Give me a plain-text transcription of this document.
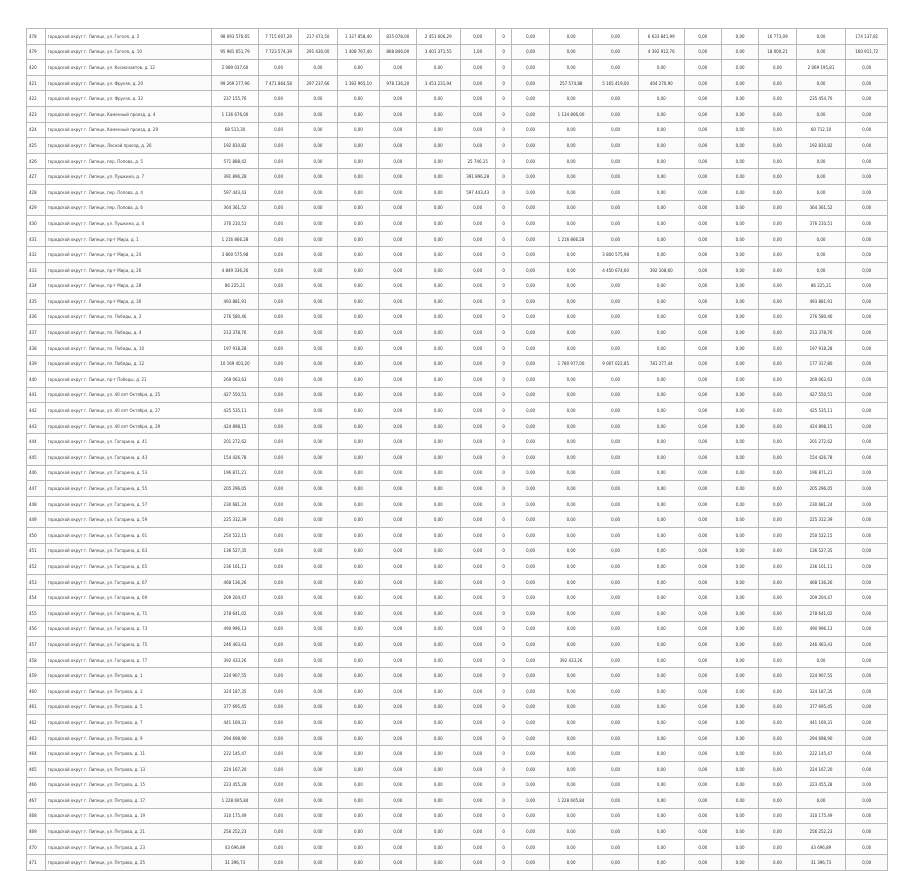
478	городской округ г. Липецк, ул. Гоголя, д. 2	98 093 576,65	7 715 607,29	217 473,50	1 327 858,40	815 078,00	2 451 606,29	0,00	0	0,00	0,00	0,00	6 633 841,99	0,00	0,00	16 773,09	0,00	174 137,81
479	городской округ г. Липецк, ул. Гоголя, д. 10	95 981 651,79	7 723 574,39	291 430,00	1 408 767,40	868 846,00	3 401 371,55	1,00	0	0,00	0,00	0,00	4 392 912,76	0,00	0,00	18 000,21	0,00	160 911,72
420	городской округ г. Липецк, ул. Космонавтов, д. 12	2 089 037,60	0,00	0,00	0,00	0,00	0,00	0,00	0	0,00	0,00	0,00	0,00	0,00	0,00	0,00	2 069 195,81	0,00
421	городской округ г. Липецк, ул. Фрунзе, д. 20	99 269 277,96	7 471 864,58	297 237,66	1 392 965,10	978 136,20	3 453 231,94	0,00	0	0,00	257 574,88	5 165 419,00	404 270,90	0,00	0,00	0,00	0,00	0,00
422	городской округ г. Липецк, ул. Фрунзе, д. 32	237 155,76	0,00	0,00	0,00	0,00	0,00	0,00	0	0,00	0,00	0,00	0,00	0,00	0,00	0,00	235 454,76	0,00
423	городской округ г. Липецк, Каменный проезд, д. 4	1 136 676,00	0,00	0,00	0,00	0,00	0,00	0,00	0	0,00	1 134 806,00	0,00	0,00	0,00	0,00	0,00	0,00	0,00
424	городской округ г. Липецк, Каменный проезд, д. 29	68 513,30	0,00	0,00	0,00	0,00	0,00	0,00	0	0,00	0,00	0,00	0,00	0,00	0,00	0,00	60 712,10	0,00
425	городской округ г. Липецк, Лесной проезд, д. 26	192 810,82	0,00	0,00	0,00	0,00	0,00	0,00	0	0,00	0,00	0,00	0,00	0,00	0,00	0,00	192 810,82	0,00
426	городской округ г. Липецк, пер. Попова, д. 5	571 888,42	0,00	0,00	0,00	0,00	0,00	25 746,15	0	0,00	0,00	0,00	0,00	0,00	0,00	0,00	0,00	0,00
427	городской округ г. Липецк, ул. Пушкина, д. 7	391 896,28	0,00	0,00	0,00	0,00	0,00	391 896,28	0	0,00	0,00	0,00	0,00	0,00	0,00	0,00	0,00	0,00
428	городской округ г. Липецк, пер. Попова, д. 4	597 443,43	0,00	0,00	0,00	0,00	0,00	597 443,43	0	0,00	0,00	0,00	0,00	0,00	0,00	0,00	0,00	0,00
429	городской округ г. Липецк, пер. Попова, д. 6	364 361,52	0,00	0,00	0,00	0,00	0,00	0,00	0	0,00	0,00	0,00	0,00	0,00	0,00	0,00	364 361,52	0,00
430	городской округ г. Липецк, ул. Пушкина, д. 4	376 210,51	0,00	0,00	0,00	0,00	0,00	0,00	0	0,00	0,00	0,00	0,00	0,00	0,00	0,00	376 210,51	0,00
431	городской округ г. Липецк, пр-т Мира, д. 1	1 216 866,28	0,00	0,00	0,00	0,00	0,00	0,00	0	0,00	1 216 866,28	0,00	0,00	0,00	0,00	0,00	0,00	0,00
432	городской округ г. Липецк, пр-т Мира, д. 24	3 800 575,98	0,00	0,00	0,00	0,00	0,00	0,00	0	0,00	0,00	3 800 575,98	0,00	0,00	0,00	0,00	0,00	0,00
433	городской округ г. Липецк, пр-т Мира, д. 26	4 849 336,26	0,00	0,00	0,00	0,00	0,00	0,00	0	0,00	0,00	4 450 674,60	392 108,60	0,00	0,00	0,00	0,00	0,00
434	городской округ г. Липецк, пр-т Мира, д. 28	86 225,21	0,00	0,00	0,00	0,00	0,00	0,00	0	0,00	0,00	0,00	0,00	0,00	0,00	0,00	86 225,21	0,00
435	городской округ г. Липецк, пр-т Мира, д. 30	493 881,91	0,00	0,00	0,00	0,00	0,00	0,00	0	0,00	0,00	0,00	0,00	0,00	0,00	0,00	493 881,91	0,00
436	городской округ г. Липецк, пл. Победы, д. 2	276 580,46	0,00	0,00	0,00	0,00	0,00	0,00	0	0,00	0,00	0,00	0,00	0,00	0,00	0,00	276 580,46	0,00
437	городской округ г. Липецк, пл. Победы, д. 4	213 378,76	0,00	0,00	0,00	0,00	0,00	0,00	0	0,00	0,00	0,00	0,00	0,00	0,00	0,00	213 378,76	0,00
438	городской округ г. Липецк, пл. Победы, д. 10	197 918,28	0,00	0,00	0,00	0,00	0,00	0,00	0	0,00	0,00	0,00	0,00	0,00	0,00	0,00	197 918,28	0,00
439	городской округ г. Липецк, пл. Победы, д. 12	10 169 403,20	0,00	0,00	0,00	0,00	0,00	0,00	0	0,00	1 780 977,00	9 007 022,85	781 277,44	0,00	0,00	0,00	177 317,80	0,00
440	городской округ г. Липецк, пр-т Победы, д. 21	269 063,63	0,00	0,00	0,00	0,00	0,00	0,00	0	0,00	0,00	0,00	0,00	0,00	0,00	0,00	269 063,63	0,00
441	городской округ г. Липецк, ул. 40 лет Октября, д. 25	427 550,51	0,00	0,00	0,00	0,00	0,00	0,00	0	0,00	0,00	0,00	0,00	0,00	0,00	0,00	427 550,51	0,00
442	городской округ г. Липецк, ул. 40 лет Октября, д. 27	425 535,11	0,00	0,00	0,00	0,00	0,00	0,00	0	0,00	0,00	0,00	0,00	0,00	0,00	0,00	425 535,11	0,00
443	городской округ г. Липецк, ул. 40 лет Октября, д. 29	424 898,15	0,00	0,00	0,00	0,00	0,00	0,00	0	0,00	0,00	0,00	0,00	0,00	0,00	0,00	424 898,15	0,00
444	городской округ г. Липецк, ул. Гагарина, д. 41	201 272,62	0,00	0,00	0,00	0,00	0,00	0,00	0	0,00	0,00	0,00	0,00	0,00	0,00	0,00	201 272,62	0,00
445	городской округ г. Липецк, ул. Гагарина, д. 43	154 426,78	0,00	0,00	0,00	0,00	0,00	0,00	0	0,00	0,00	0,00	0,00	0,00	0,00	0,00	154 426,78	0,00
446	городской округ г. Липецк, ул. Гагарина, д. 53	196 871,21	0,00	0,00	0,00	0,00	0,00	0,00	0	0,00	0,00	0,00	0,00	0,00	0,00	0,00	196 871,21	0,00
447	городской округ г. Липецк, ул. Гагарина, д. 55	205 296,05	0,00	0,00	0,00	0,00	0,00	0,00	0	0,00	0,00	0,00	0,00	0,00	0,00	0,00	205 296,05	0,00
448	городской округ г. Липецк, ул. Гагарина, д. 57	230 681,24	0,00	0,00	0,00	0,00	0,00	0,00	0	0,00	0,00	0,00	0,00	0,00	0,00	0,00	230 681,24	0,00
449	городской округ г. Липецк, ул. Гагарина, д. 59	225 312,39	0,00	0,00	0,00	0,00	0,00	0,00	0	0,00	0,00	0,00	0,00	0,00	0,00	0,00	225 312,39	0,00
450	городской округ г. Липецк, ул. Гагарина, д. 61	250 522,15	0,00	0,00	0,00	0,00	0,00	0,00	0	0,00	0,00	0,00	0,00	0,00	0,00	0,00	250 522,15	0,00
451	городской округ г. Липецк, ул. Гагарина, д. 63	136 527,35	0,00	0,00	0,00	0,00	0,00	0,00	0	0,00	0,00	0,00	0,00	0,00	0,00	0,00	136 527,35	0,00
452	городской округ г. Липецк, ул. Гагарина, д. 65	236 161,11	0,00	0,00	0,00	0,00	0,00	0,00	0	0,00	0,00	0,00	0,00	0,00	0,00	0,00	236 161,11	0,00
453	городской округ г. Липецк, ул. Гагарина, д. 67	468 136,26	0,00	0,00	0,00	0,00	0,00	0,00	0	0,00	0,00	0,00	0,00	0,00	0,00	0,00	468 136,26	0,00
454	городской округ г. Липецк, ул. Гагарина, д. 69	209 204,47	0,00	0,00	0,00	0,00	0,00	0,00	0	0,00	0,00	0,00	0,00	0,00	0,00	0,00	209 204,47	0,00
455	городской округ г. Липецк, ул. Гагарина, д. 71	278 641,02	0,00	0,00	0,00	0,00	0,00	0,00	0	0,00	0,00	0,00	0,00	0,00	0,00	0,00	278 641,02	0,00
456	городской округ г. Липецк, ул. Гагарина, д. 73	490 996,13	0,00	0,00	0,00	0,00	0,00	0,00	0	0,00	0,00	0,00	0,00	0,00	0,00	0,00	490 996,13	0,00
457	городской округ г. Липецк, ул. Гагарина, д. 75	246 463,43	0,00	0,00	0,00	0,00	0,00	0,00	0	0,00	0,00	0,00	0,00	0,00	0,00	0,00	246 463,43	0,00
458	городской округ г. Липецк, ул. Гагарина, д. 77	392 433,26	0,00	0,00	0,00	0,00	0,00	0,00	0	0,00	392 433,26	0,00	0,00	0,00	0,00	0,00	0,00	0,00
459	городской округ г. Липецк, ул. Петрова, д. 1	224 907,55	0,00	0,00	0,00	0,00	0,00	0,00	0	0,00	0,00	0,00	0,00	0,00	0,00	0,00	224 907,55	0,00
460	городской округ г. Липецк, ул. Петрова, д. 3	324 187,35	0,00	0,00	0,00	0,00	0,00	0,00	0	0,00	0,00	0,00	0,00	0,00	0,00	0,00	324 187,35	0,00
461	городской округ г. Липецк, ул. Петрова, д. 5	377 695,45	0,00	0,00	0,00	0,00	0,00	0,00	0	0,00	0,00	0,00	0,00	0,00	0,00	0,00	377 695,45	0,00
462	городской округ г. Липецк, ул. Петрова, д. 7	441 169,31	0,00	0,00	0,00	0,00	0,00	0,00	0	0,00	0,00	0,00	0,00	0,00	0,00	0,00	441 169,31	0,00
463	городской округ г. Липецк, ул. Петрова, д. 9	294 698,90	0,00	0,00	0,00	0,00	0,00	0,00	0	0,00	0,00	0,00	0,00	0,00	0,00	0,00	294 698,90	0,00
464	городской округ г. Липецк, ул. Петрова, д. 11	222 145,47	0,00	0,00	0,00	0,00	0,00	0,00	0	0,00	0,00	0,00	0,00	0,00	0,00	0,00	222 145,47	0,00
465	городской округ г. Липецк, ул. Петрова, д. 13	224 167,20	0,00	0,00	0,00	0,00	0,00	0,00	0	0,00	0,00	0,00	0,00	0,00	0,00	0,00	224 167,20	0,00
466	городской округ г. Липецк, ул. Петрова, д. 15	223 455,28	0,00	0,00	0,00	0,00	0,00	0,00	0	0,00	0,00	0,00	0,00	0,00	0,00	0,00	223 455,28	0,00
467	городской округ г. Липецк, ул. Петрова, д. 17	1 228 605,84	0,00	0,00	0,00	0,00	0,00	0,00	0	0,00	1 228 605,84	0,00	0,00	0,00	0,00	0,00	0,00	0,00
468	городской округ г. Липецк, ул. Петрова, д. 19	310 175,49	0,00	0,00	0,00	0,00	0,00	0,00	0	0,00	0,00	0,00	0,00	0,00	0,00	0,00	310 175,49	0,00
469	городской округ г. Липецк, ул. Петрова, д. 21	256 252,23	0,00	0,00	0,00	0,00	0,00	0,00	0	0,00	0,00	0,00	0,00	0,00	0,00	0,00	256 252,23	0,00
470	городской округ г. Липецк, ул. Петрова, д. 23	43 696,89	0,00	0,00	0,00	0,00	0,00	0,00	0	0,00	0,00	0,00	0,00	0,00	0,00	0,00	43 696,89	0,00
471	городской округ г. Липецк, ул. Петрова, д. 25	31 396,73	0,00	0,00	0,00	0,00	0,00	0,00	0	0,00	0,00	0,00	0,00	0,00	0,00	0,00	31 396,73	0,00
